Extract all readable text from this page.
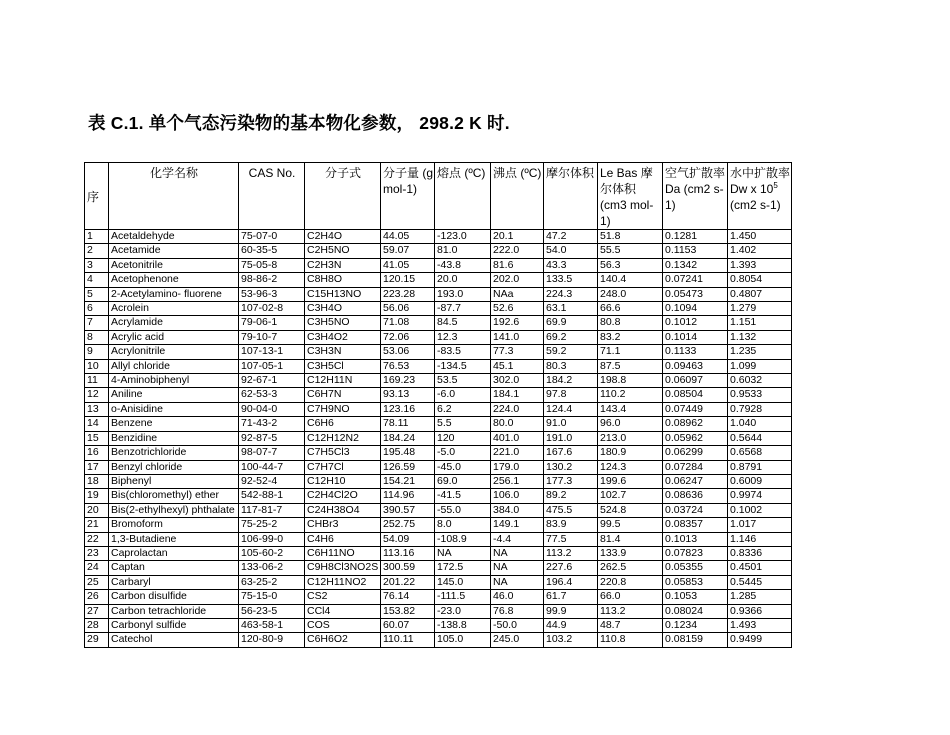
表 C.1. 单个气态污染物的基本物化参数， 298.2 K 时.
序	化学名称	CAS No.	分子式	分子量 (g mol-1)	熔点 (ºC)	沸点 (ºC)	摩尔体积	Le Bas 摩尔体积 (cm3 mol-1)	空气扩散率 Da (cm2 s-1)	水中扩散率 Dw x $10^5$ (cm2 s-1)
1	Acetaldehyde	75-07-0	C2H4O	44.05	-123.0	20.1	47.2	51.8	0.1281	1.450
2	Acetamide	60-35-5	C2H5NO	59.07	81.0	222.0	54.0	55.5	0.1153	1.402
3	Acetonitrile	75-05-8	C2H3N	41.05	-43.8	81.6	43.3	56.3	0.1342	1.393
4	Acetophenone	98-86-2	C8H8O	120.15	20.0	202.0	133.5	140.4	0.07241	0.8054
5	2-Acetylamino- fluorene	53-96-3	C15H13NO	223.28	193.0	NAa	224.3	248.0	0.05473	0.4807
6	Acrolein	107-02-8	C3H4O	56.06	-87.7	52.6	63.1	66.6	0.1094	1.279
7	Acrylamide	79-06-1	C3H5NO	71.08	84.5	192.6	69.9	80.8	0.1012	1.151
8	Acrylic acid	79-10-7	C3H4O2	72.06	12.3	141.0	69.2	83.2	0.1014	1.132
9	Acrylonitrile	107-13-1	C3H3N	53.06	-83.5	77.3	59.2	71.1	0.1133	1.235
10	Allyl chloride	107-05-1	C3H5Cl	76.53	-134.5	45.1	80.3	87.5	0.09463	1.099
11	4-Aminobiphenyl	92-67-1	C12H11N	169.23	53.5	302.0	184.2	198.8	0.06097	0.6032
12	Aniline	62-53-3	C6H7N	93.13	-6.0	184.1	97.8	110.2	0.08504	0.9533
13	o-Anisidine	90-04-0	C7H9NO	123.16	6.2	224.0	124.4	143.4	0.07449	0.7928
14	Benzene	71-43-2	C6H6	78.11	5.5	80.0	91.0	96.0	0.08962	1.040
15	Benzidine	92-87-5	C12H12N2	184.24	120	401.0	191.0	213.0	0.05962	0.5644
16	Benzotrichloride	98-07-7	C7H5Cl3	195.48	-5.0	221.0	167.6	180.9	0.06299	0.6568
17	Benzyl chloride	100-44-7	C7H7Cl	126.59	-45.0	179.0	130.2	124.3	0.07284	0.8791
18	Biphenyl	92-52-4	C12H10	154.21	69.0	256.1	177.3	199.6	0.06247	0.6009
19	Bis(chloromethyl) ether	542-88-1	C2H4Cl2O	114.96	-41.5	106.0	89.2	102.7	0.08636	0.9974
20	Bis(2-ethylhexyl) phthalate	117-81-7	C24H38O4	390.57	-55.0	384.0	475.5	524.8	0.03724	0.1002
21	Bromoform	75-25-2	CHBr3	252.75	8.0	149.1	83.9	99.5	0.08357	1.017
22	1,3-Butadiene	106-99-0	C4H6	54.09	-108.9	-4.4	77.5	81.4	0.1013	1.146
23	Caprolactan	105-60-2	C6H11NO	113.16	NA	NA	113.2	133.9	0.07823	0.8336
24	Captan	133-06-2	C9H8Cl3NO2S	300.59	172.5	NA	227.6	262.5	0.05355	0.4501
25	Carbaryl	63-25-2	C12H11NO2	201.22	145.0	NA	196.4	220.8	0.05853	0.5445
26	Carbon disulfide	75-15-0	CS2	76.14	-111.5	46.0	61.7	66.0	0.1053	1.285
27	Carbon tetrachloride	56-23-5	CCl4	153.82	-23.0	76.8	99.9	113.2	0.08024	0.9366
28	Carbonyl sulfide	463-58-1	COS	60.07	-138.8	-50.0	44.9	48.7	0.1234	1.493
29	Catechol	120-80-9	C6H6O2	110.11	105.0	245.0	103.2	110.8	0.08159	0.9499
